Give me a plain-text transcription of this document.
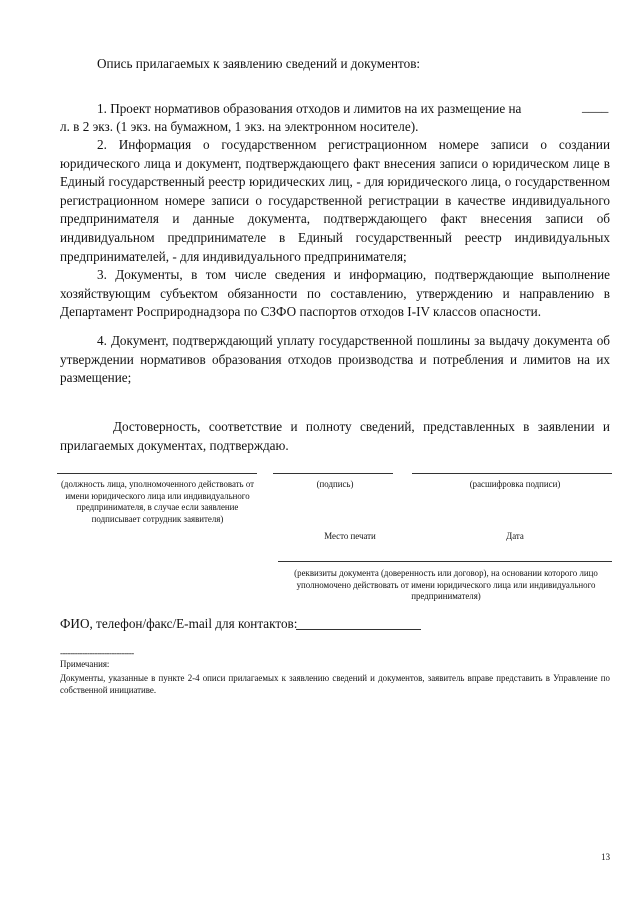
Опись прилагаемых к заявлению сведений и документов:
1. Проект нормативов образования отходов и лимитов на их размещение на	____
л. в 2 экз. (1 экз. на бумажном, 1 экз. на электронном носителе).
2. Информация о государственном регистрационном номере записи о создании юридического лица и документ, подтверждающего факт внесения записи о юридическом лице в Единый государственный реестр юридических лиц, - для юридического лица, о государственном регистрационном номере записи о государственной регистрации в качестве индивидуального предпринимателя и данные документа, подтверждающего факт внесения записи об индивидуальном предпринимателе в Единый государственный реестр индивидуальных предпринимателей, - для индивидуального предпринимателя;
3. Документы, в том числе сведения и информацию, подтверждающие выполнение хозяйствующим субъектом обязанности по составлению, утверждению и направлению в Департамент Росприроднадзора по СЗФО паспортов отходов I-IV классов опасности.
4. Документ, подтверждающий уплату государственной пошлины за выдачу документа об утверждении нормативов образования отходов производства и потребления и лимитов на их размещение;
Достоверность, соответствие и полноту сведений, представленных в заявлении и прилагаемых документах, подтверждаю.
(должность лица, уполномоченного действовать от имени юридического лица или индивидуального предпринимателя, в случае если заявление подписывает сотрудник заявителя)
(подпись)	(расшифровка подписи)
Место печати	Дата
(реквизиты документа (доверенность или договор), на основании которого лицо уполномочено действовать от имени юридического лица или индивидуального предпринимателя)
ФИО, телефон/факс/E-mail для контактов:
------------------------------
Примечания:
Документы, указанные в пункте 2-4 описи прилагаемых к заявлению сведений и документов, заявитель вправе представить в Управление по собственной инициативе.
13
